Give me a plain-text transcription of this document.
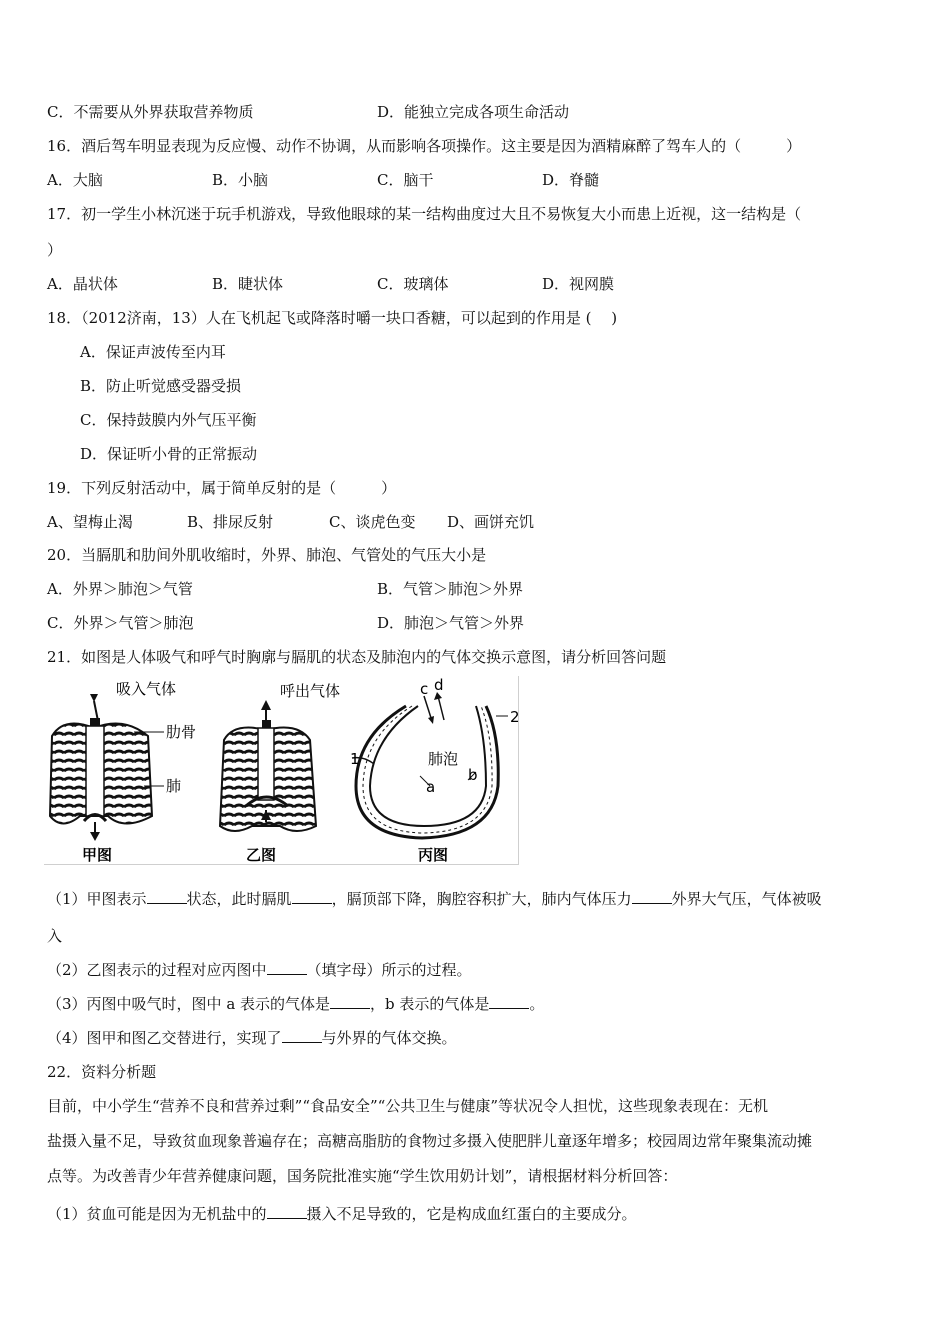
C．不需要从外界获取营养物质	D．能独立完成各项生命活动
16．酒后驾车明显表现为反应慢、动作不协调，从而影响各项操作。这主要是因为酒精麻醉了驾车人的（　　　）
A．大脑	B．小脑	C．脑干	D．脊髓
17．初一学生小林沉迷于玩手机游戏，导致他眼球的某一结构曲度过大且不易恢复大小而患上近视，这一结构是（
）
A．晶状体	B．睫状体	C．玻璃体	D．视网膜
18．（2012济南，13）人在飞机起飞或降落时嚼一块口香糖，可以起到的作用是 (　 )
A．保证声波传至内耳
B．防止听觉感受器受损
C．保持鼓膜内外气压平衡
D．保证听小骨的正常振动
19．下列反射活动中，属于简单反射的是（　　　）
A、望梅止渴	B、排尿反射	C、谈虎色变 D、画饼充饥
20．当膈肌和肋间外肌收缩时，外界、肺泡、气管处的气压大小是
A．外界＞肺泡＞气管	B．气管＞肺泡＞外界
C．外界＞气管＞肺泡	D．肺泡＞气管＞外界
21．如图是人体吸气和呼气时胸廓与膈肌的状态及肺泡内的气体交换示意图，请分析回答问题
吸入气体
肋骨
肺
甲图
呼出气体
乙图
c d
2
1	肺泡
b
a
丙图
（1）甲图表示	状态，此时膈肌	，膈顶部下降，胸腔容积扩大，肺内气体压力	外界大气压，气体被吸
入
（2）乙图表示的过程对应丙图中	（填字母）所示的过程。
（3）丙图中吸气时，图中 a 表示的气体是	，b 表示的气体是	。
（4）图甲和图乙交替进行，实现了	与外界的气体交换。
22．资料分析题
目前，中小学生“营养不良和营养过剩”“食品安全”“公共卫生与健康”等状况令人担忧，这些现象表现在：无机
盐摄入量不足，导致贫血现象普遍存在；高糖高脂肪的食物过多摄入使肥胖儿童逐年增多；校园周边常年聚集流动摊
点等。为改善青少年营养健康问题，国务院批准实施“学生饮用奶计划”，请根据材料分析回答：
（1）贫血可能是因为无机盐中的	摄入不足导致的，它是构成血红蛋白的主要成分。
